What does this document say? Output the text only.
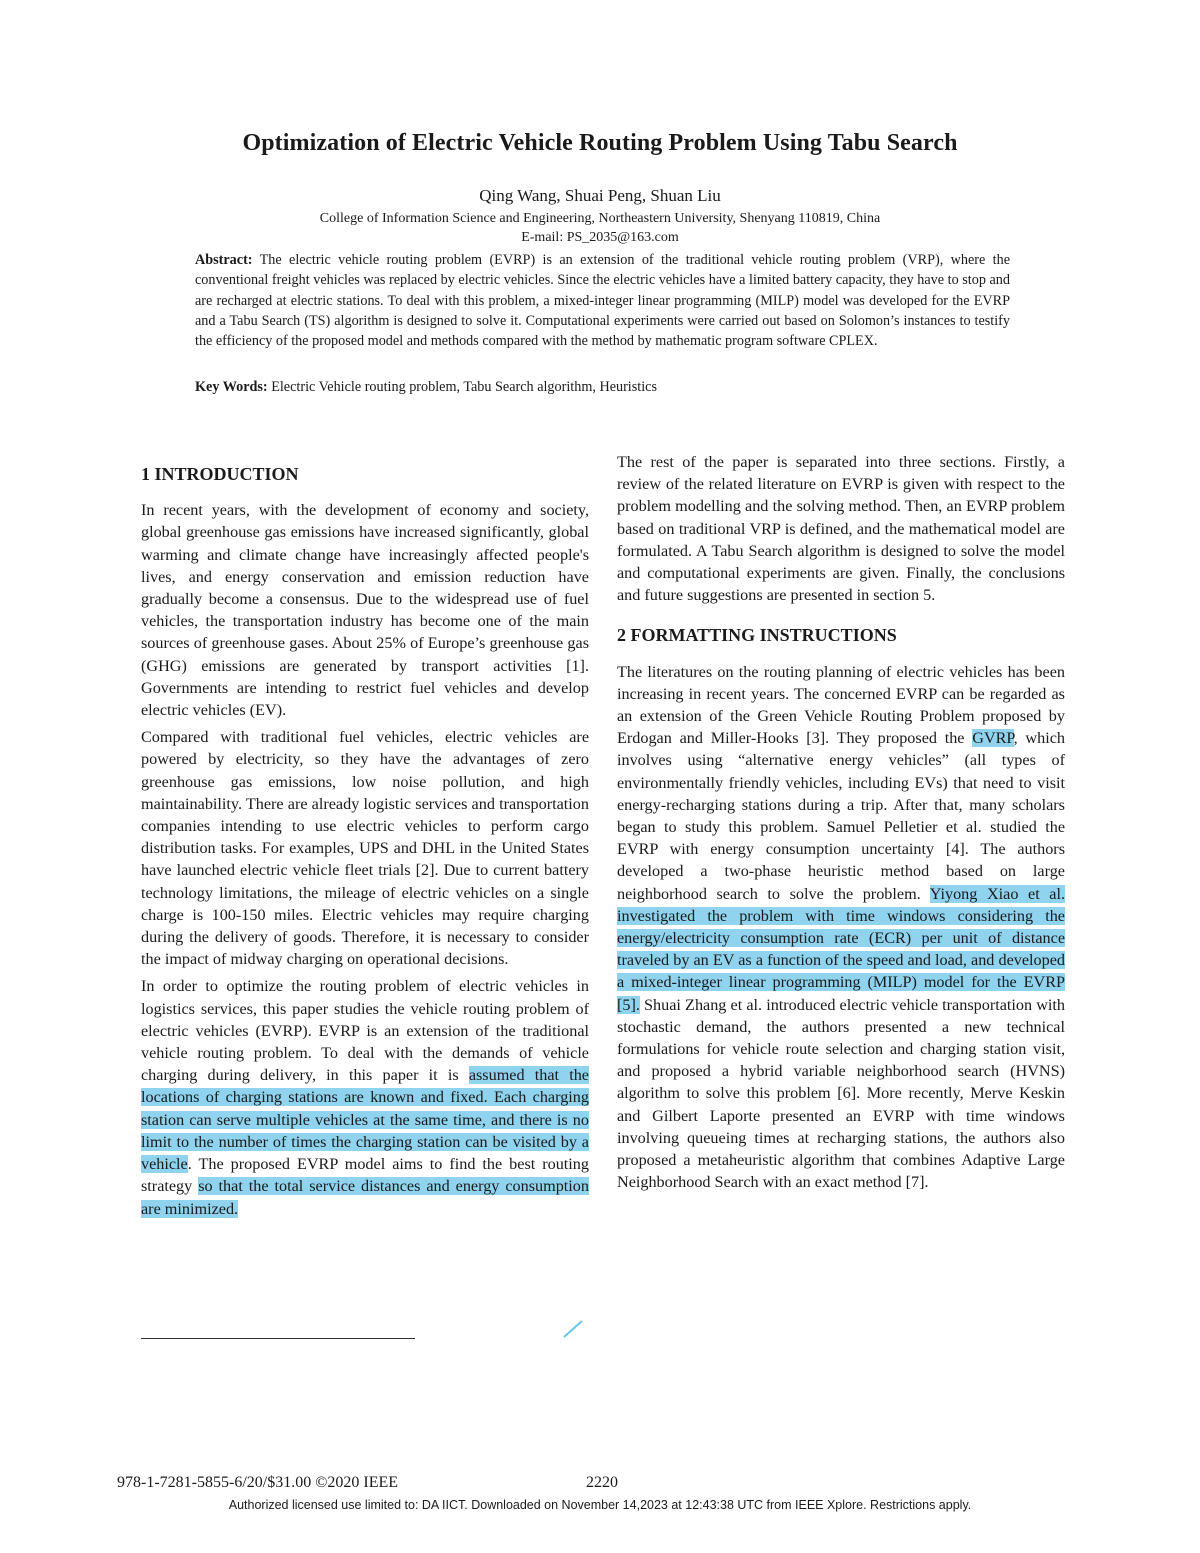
Optimization of Electric Vehicle Routing Problem Using Tabu Search
Qing Wang, Shuai Peng, Shuan Liu
College of Information Science and Engineering, Northeastern University, Shenyang 110819, China
E-mail: PS_2035@163.com
Abstract: The electric vehicle routing problem (EVRP) is an extension of the traditional vehicle routing problem (VRP), where the conventional freight vehicles was replaced by electric vehicles. Since the electric vehicles have a limited battery capacity, they have to stop and are recharged at electric stations. To deal with this problem, a mixed-integer linear programming (MILP) model was developed for the EVRP and a Tabu Search (TS) algorithm is designed to solve it. Computational experiments were carried out based on Solomon’s instances to testify the efficiency of the proposed model and methods compared with the method by mathematic program software CPLEX.
Key Words: Electric Vehicle routing problem, Tabu Search algorithm, Heuristics
1 INTRODUCTION

In recent years, with the development of economy and society, global greenhouse gas emissions have increased significantly, global warming and climate change have increasingly affected people's lives, and energy conservation and emission reduction have gradually become a consensus. Due to the widespread use of fuel vehicles, the transportation industry has become one of the main sources of greenhouse gases. About 25% of Europe’s greenhouse gas (GHG) emissions are generated by transport activities [1]. Governments are intending to restrict fuel vehicles and develop electric vehicles (EV).

Compared with traditional fuel vehicles, electric vehicles are powered by electricity, so they have the advantages of zero greenhouse gas emissions, low noise pollution, and high maintainability. There are already logistic services and transportation companies intending to use electric vehicles to perform cargo distribution tasks. For examples, UPS and DHL in the United States have launched electric vehicle fleet trials [2]. Due to current battery technology limitations, the mileage of electric vehicles on a single charge is 100-150 miles. Electric vehicles may require charging during the delivery of goods. Therefore, it is necessary to consider the impact of midway charging on operational decisions.

In order to optimize the routing problem of electric vehicles in logistics services, this paper studies the vehicle routing problem of electric vehicles (EVRP). EVRP is an extension of the traditional vehicle routing problem. To deal with the demands of vehicle charging during delivery, in this paper it is assumed that the locations of charging stations are known and fixed. Each charging station can serve multiple vehicles at the same time, and there is no limit to the number of times the charging station can be visited by a vehicle. The proposed EVRP model aims to find the best routing strategy so that the total service distances and energy consumption are minimized.

The rest of the paper is separated into three sections. Firstly, a review of the related literature on EVRP is given with respect to the problem modelling and the solving method. Then, an EVRP problem based on traditional VRP is defined, and the mathematical model are formulated. A Tabu Search algorithm is designed to solve the model and computational experiments are given. Finally, the conclusions and future suggestions are presented in section 5.

2 FORMATTING INSTRUCTIONS

The literatures on the routing planning of electric vehicles has been increasing in recent years. The concerned EVRP can be regarded as an extension of the Green Vehicle Routing Problem proposed by Erdogan and Miller-Hooks [3]. They proposed the GVRP, which involves using “alternative energy vehicles” (all types of environmentally friendly vehicles, including EVs) that need to visit energy-recharging stations during a trip. After that, many scholars began to study this problem. Samuel Pelletier et al. studied the EVRP with energy consumption uncertainty [4]. The authors developed a two-phase heuristic method based on large neighborhood search to solve the problem. Yiyong Xiao et al. investigated the problem with time windows considering the energy/electricity consumption rate (ECR) per unit of distance traveled by an EV as a function of the speed and load, and developed a mixed-integer linear programming (MILP) model for the EVRP [5]. Shuai Zhang et al. introduced electric vehicle transportation with stochastic demand, the authors presented a new technical formulations for vehicle route selection and charging station visit, and proposed a hybrid variable neighborhood search (HVNS) algorithm to solve this problem [6]. More recently, Merve Keskin and Gilbert Laporte presented an EVRP with time windows involving queueing times at recharging stations, the authors also proposed a metaheuristic algorithm that combines Adaptive Large Neighborhood Search with an exact method [7].

978-1-7281-5855-6/20/$31.00 ©2020 IEEE	2220
Authorized licensed use limited to: DA IICT. Downloaded on November 14,2023 at 12:43:38 UTC from IEEE Xplore. Restrictions apply.
